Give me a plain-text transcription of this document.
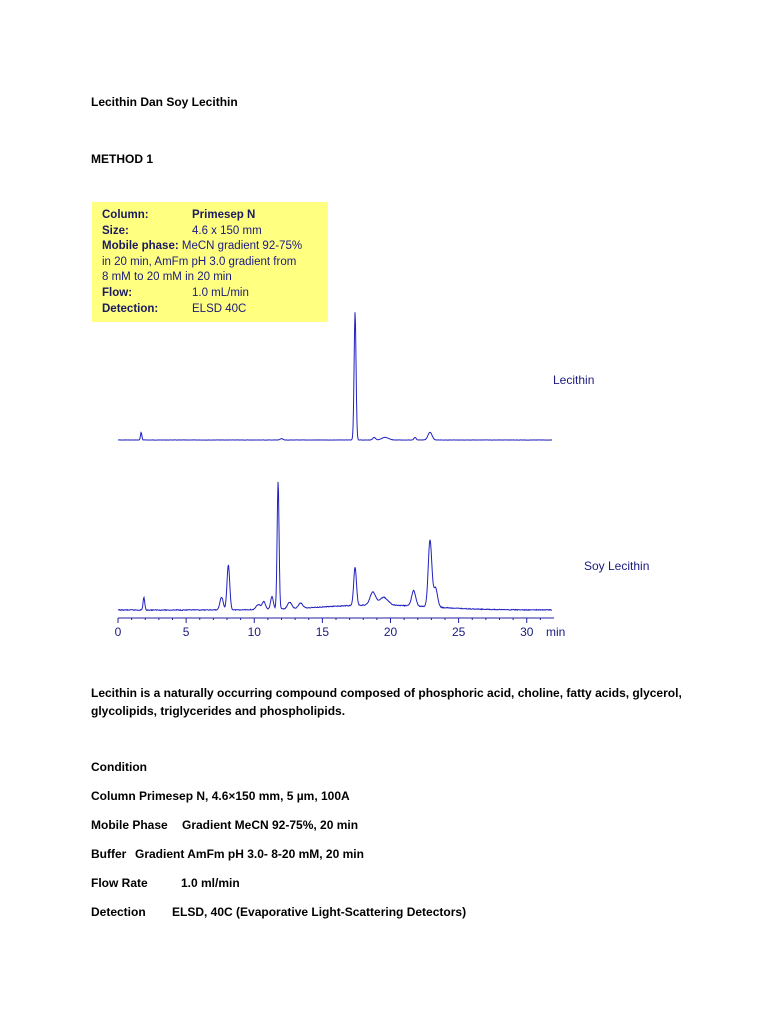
Lecithin Dan Soy Lecithin
METHOD 1
Column:	Primesep N
Size:	4.6 x 150 mm
Mobile phase: MeCN gradient 92-75%
in 20 min, AmFm pH 3.0 gradient from
8 mM to 20 mM in 20 min
Flow:	1.0 mL/min
Detection:	ELSD 40C
0	5	10	15	20	25	30
Lecithin
Soy Lecithin
min
Lecithin is a naturally occurring compound composed of phosphoric acid, choline, fatty acids, glycerol, glycolipids, triglycerides and phospholipids.
Condition
Column Primesep N, 4.6×150 mm, 5 µm, 100A
Mobile Phase Gradient MeCN 92-75%, 20 min
Buffer Gradient AmFm pH 3.0- 8-20 mM, 20 min
Flow Rate	1.0 ml/min
Detection ELSD, 40C (Evaporative Light-Scattering Detectors)
